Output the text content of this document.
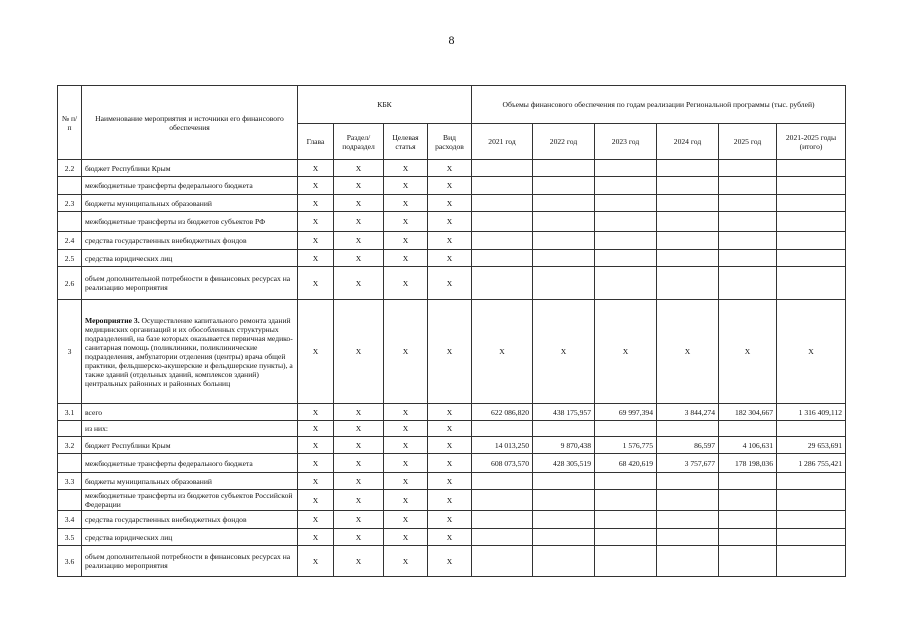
8
№ п/п	Наименование мероприятия и источники его финансового обеспечения	КБК				Объемы финансового обеспечения по годам реализации Региональной программы (тыс. рублей)					
		Глава	Раздел/ подраздел	Целевая статья	Вид расходов	2021 год	2022 год	2023 год	2024 год	2025 год	2021-2025 годы (итого)
2.2	бюджет Республики Крым	Х	Х	Х	Х						
	межбюджетные трансферты федерального бюджета	Х	Х	Х	Х						
2.3	бюджеты муниципальных образований	Х	Х	Х	Х						
	межбюджетные трансферты из бюджетов субъектов РФ	Х	Х	Х	Х						
2.4	средства государственных внебюджетных фондов	Х	Х	Х	Х						
2.5	средства юридических лиц	Х	Х	Х	Х						
2.6	объем дополнительной потребности в финансовых ресурсах на реализацию мероприятия	Х	Х	Х	Х						
3	Мероприятие 3. Осуществление капитального ремонта зданий медицинских организаций и их обособленных структурных подразделений, на базе которых оказывается первичная медико-санитарная помощь (поликлиники, поликлинические подразделения, амбулатории отделения (центры) врача общей практики, фельдшерско-акушерские и фельдшерские пункты), а также зданий (отдельных зданий, комплексов зданий) центральных районных и районных больниц	Х	Х	Х	Х	Х	Х	Х	Х	Х	Х
3.1	всего	Х	Х	Х	Х	622 086,820	438 175,957	69 997,394	3 844,274	182 304,667	1 316 409,112
	из них:	Х	Х	Х	Х						
3.2	бюджет Республики Крым	Х	Х	Х	Х	14 013,250	9 870,438	1 576,775	86,597	4 106,631	29 653,691
	межбюджетные трансферты федерального бюджета	Х	Х	Х	Х	608 073,570	428 305,519	68 420,619	3 757,677	178 198,036	1 286 755,421
3.3	бюджеты муниципальных образований	Х	Х	Х	Х						
	межбюджетные трансферты из бюджетов субъектов Российской Федерации	Х	Х	Х	Х						
3.4	средства государственных внебюджетных фондов	Х	Х	Х	Х						
3.5	средства юридических лиц	Х	Х	Х	Х						
3.6	объем дополнительной потребности в финансовых ресурсах на реализацию мероприятия	Х	Х	Х	Х						
